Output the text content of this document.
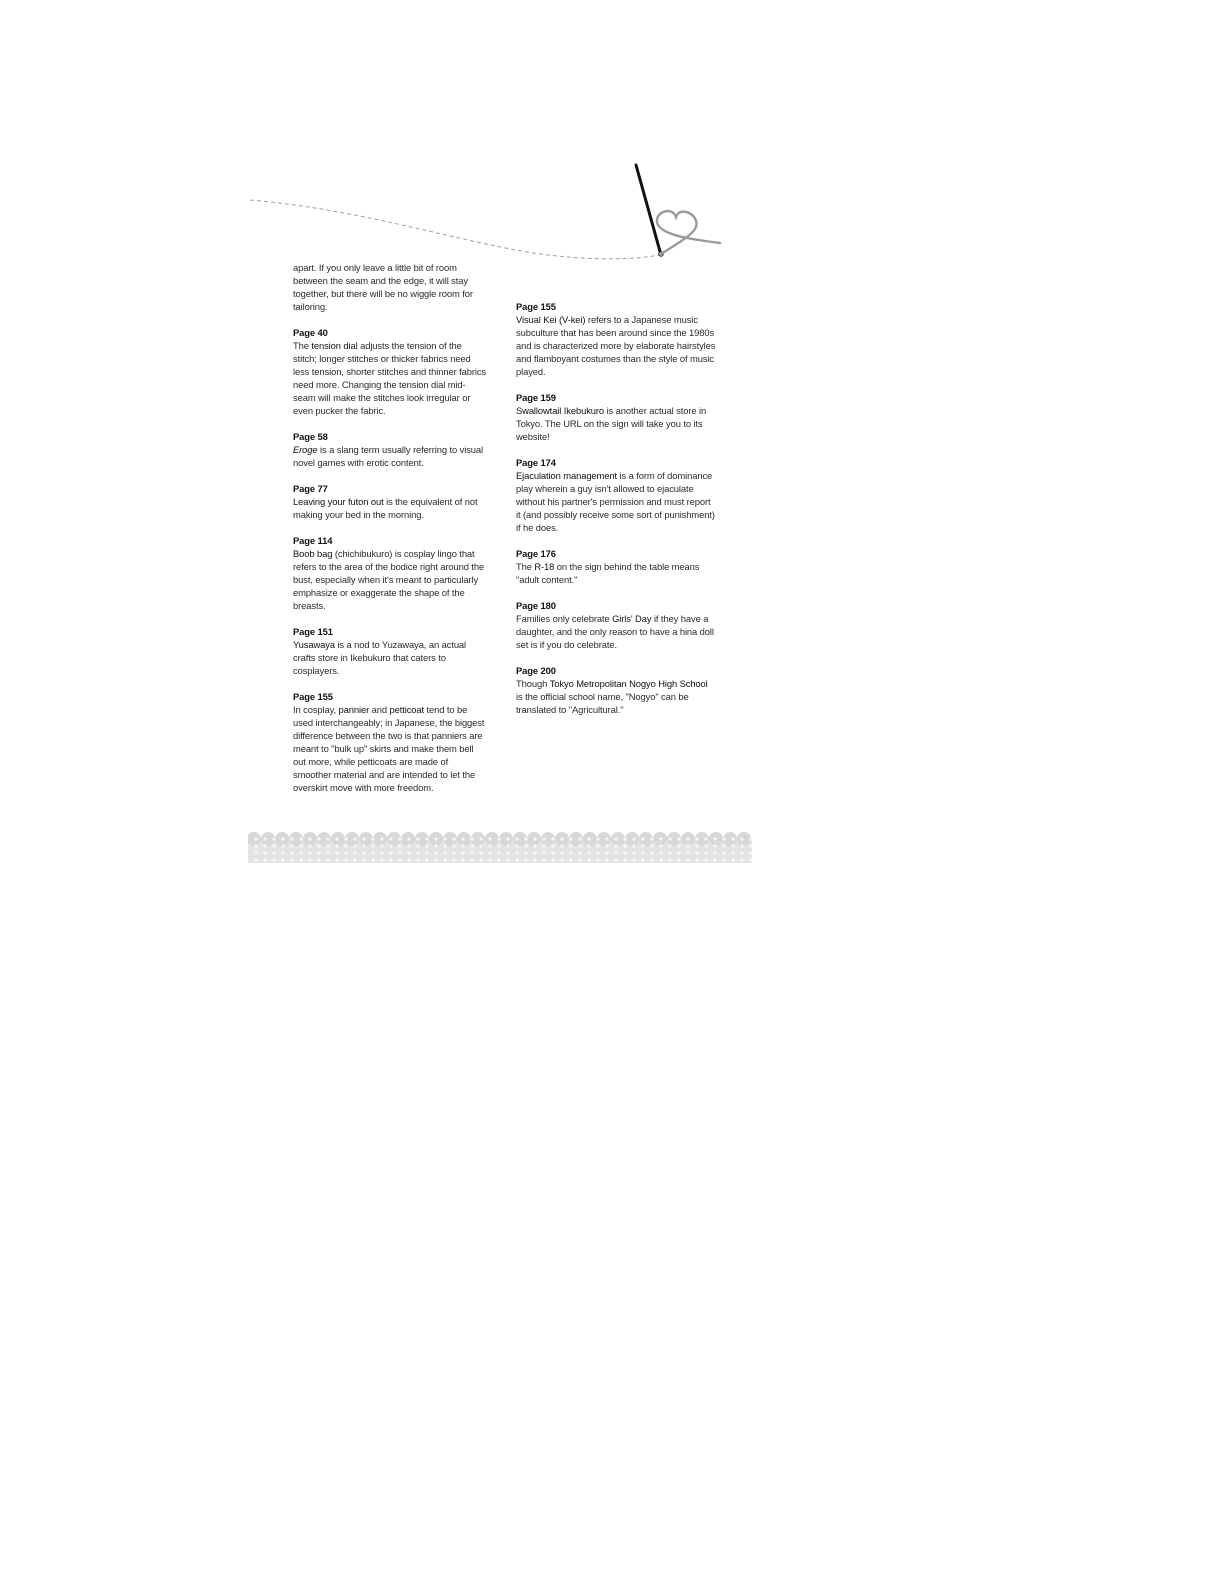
apart. If you only leave a little bit of room between the seam and the edge, it will stay together, but there will be no wiggle room for tailoring.

Page 40

The tension dial adjusts the tension of the stitch; longer stitches or thicker fabrics need less tension, shorter stitches and thinner fabrics need more. Changing the tension dial mid-seam will make the stitches look irregular or even pucker the fabric.

Page 58

Eroge is a slang term usually referring to visual novel games with erotic content.

Page 77

Leaving your futon out is the equivalent of not making your bed in the morning.

Page 114

Boob bag (chichibukuro) is cosplay lingo that refers to the area of the bodice right around the bust, especially when it's meant to particularly emphasize or exaggerate the shape of the breasts.

Page 151

Yusawaya is a nod to Yuzawaya, an actual crafts store in Ikebukuro that caters to cosplayers.

Page 155

In cosplay, pannier and petticoat tend to be used interchangeably; in Japanese, the biggest difference between the two is that panniers are meant to "bulk up" skirts and make them bell out more, while petticoats are made of smoother material and are intended to let the overskirt move with more freedom.

Page 155

Visual Kei (V-kei) refers to a Japanese music subculture that has been around since the 1980s and is characterized more by elaborate hairstyles and flamboyant costumes than the style of music played.

Page 159

Swallowtail Ikebukuro is another actual store in Tokyo. The URL on the sign will take you to its website!

Page 174

Ejaculation management is a form of dominance play wherein a guy isn't allowed to ejaculate without his partner's permission and must report it (and possibly receive some sort of punishment) if he does.

Page 176

The R-18 on the sign behind the table means "adult content."

Page 180

Families only celebrate Girls' Day if they have a daughter, and the only reason to have a hina doll set is if you do celebrate.

Page 200

Though Tokyo Metropolitan Nogyo High School is the official school name, "Nogyo" can be translated to "Agricultural."
